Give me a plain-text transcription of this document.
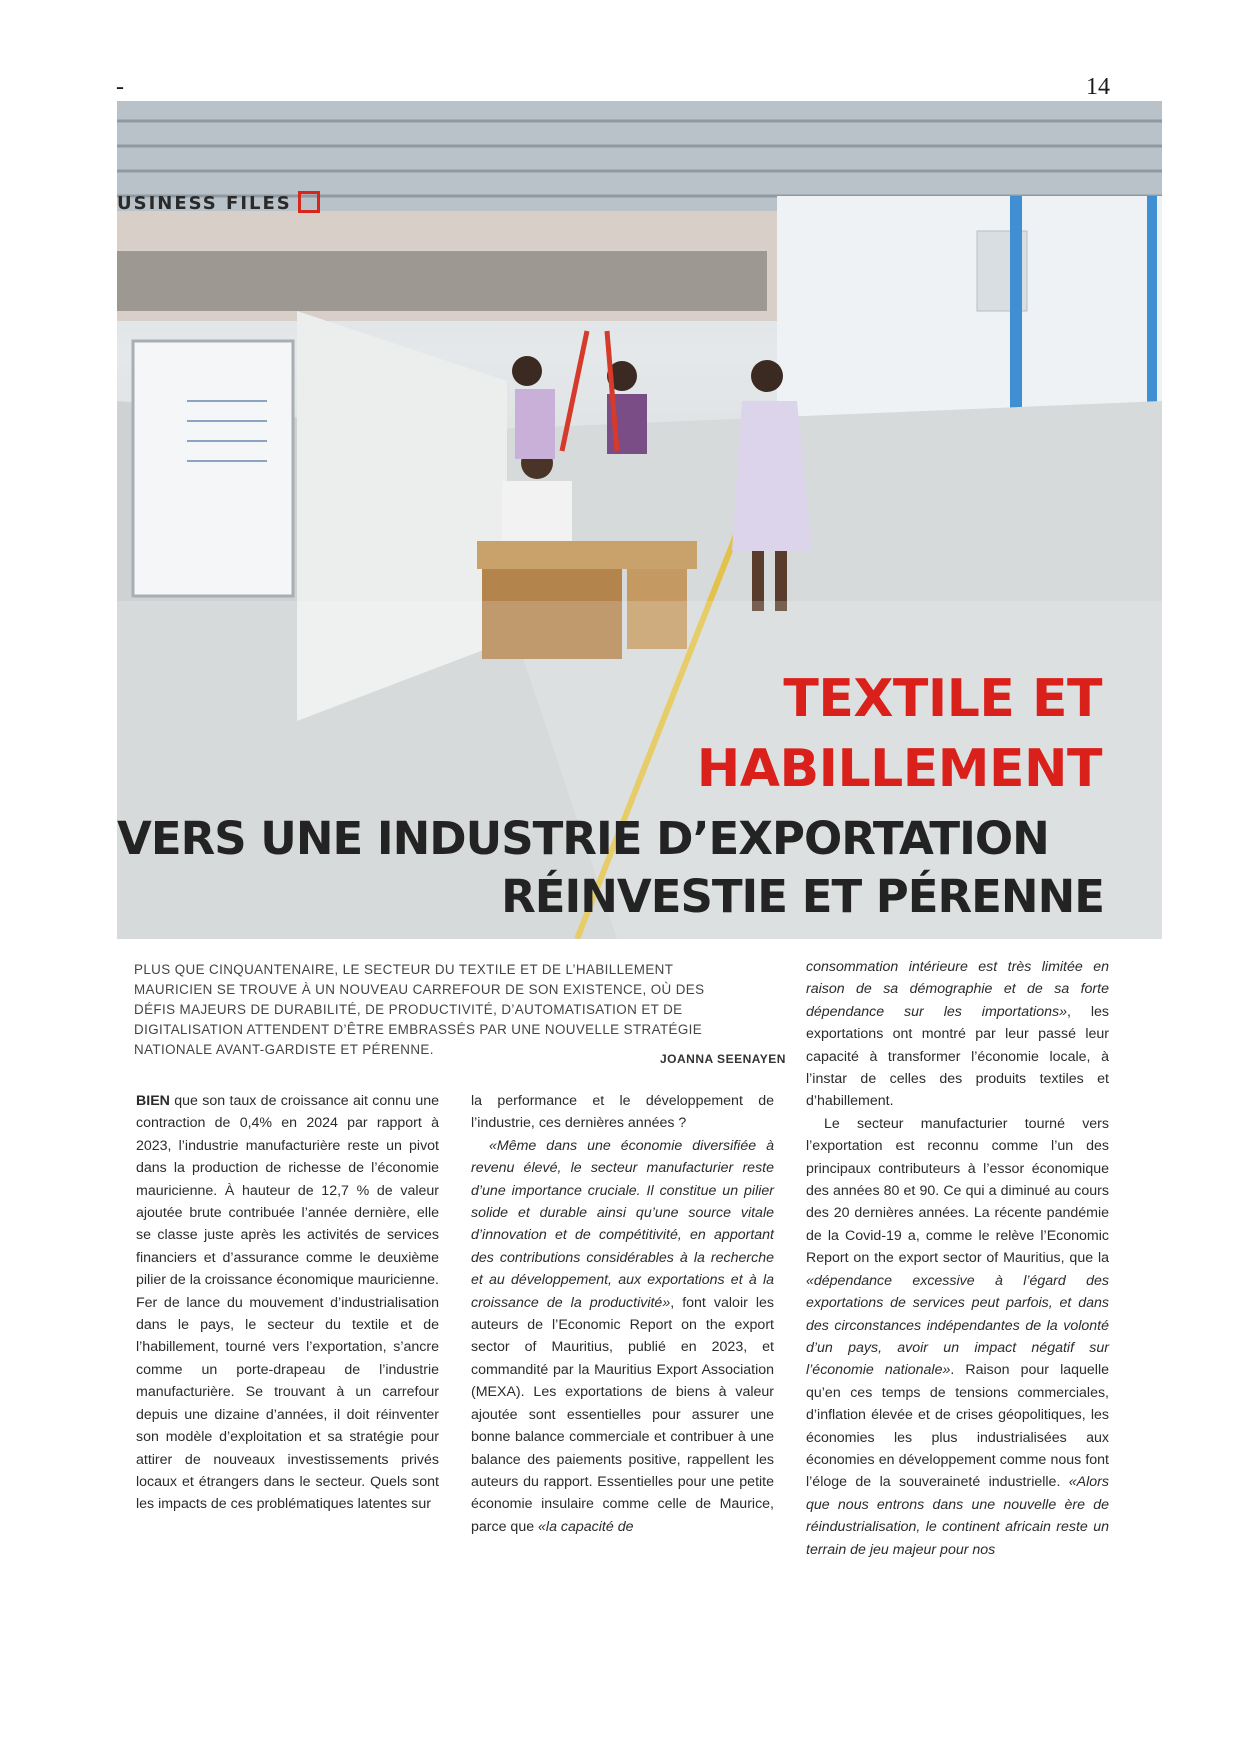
-	14
USINESS FILES
TEXTILE ET
HABILLEMENT
VERS UNE INDUSTRIE D’EXPORTATION
RÉINVESTIE ET PÉRENNE
PLUS QUE CINQUANTENAIRE, LE SECTEUR DU TEXTILE ET DE L’HABILLEMENT MAURICIEN SE TROUVE À UN NOUVEAU CARREFOUR DE SON EXISTENCE, OÙ DES DÉFIS MAJEURS DE DURABILITÉ, DE PRODUCTIVITÉ, D’AUTOMATISATION ET DE DIGITALISATION ATTENDENT D’ÊTRE EMBRASSÉS PAR UNE NOUVELLE STRATÉGIE NATIONALE AVANT-GARDISTE ET PÉRENNE.
JOANNA SEENAYEN

BIEN que son taux de croissance ait connu une contraction de 0,4% en 2024 par rapport à 2023, l’industrie manufacturière reste un pivot dans la production de richesse de l’économie mauricienne. À hauteur de 12,7 % de valeur ajoutée brute contribuée l’année dernière, elle se classe juste après les activités de services financiers et d’assurance comme le deuxième pilier de la croissance économique mauricienne. Fer de lance du mouvement d’industrialisation dans le pays, le secteur du textile et de l’habillement, tourné vers l’exportation, s’ancre comme un porte-drapeau de l’industrie manufacturière. Se trouvant à un carrefour depuis une dizaine d’années, il doit réinventer son modèle d’exploitation et sa stratégie pour attirer de nouveaux investissements privés locaux et étrangers dans le secteur. Quels sont les impacts de ces problématiques latentes sur

la performance et le développement de l’industrie, ces dernières années ?

«Même dans une économie diversifiée à revenu élevé, le secteur manufacturier reste d’une importance cruciale. Il constitue un pilier solide et durable ainsi qu’une source vitale d’innovation et de compétitivité, en apportant des contributions considérables à la recherche et au développement, aux exportations et à la croissance de la productivité», font valoir les auteurs de l’Economic Report on the export sector of Mauritius, publié en 2023, et commandité par la Mauritius Export Association (MEXA). Les exportations de biens à valeur ajoutée sont essentielles pour assurer une bonne balance commerciale et contribuer à une balance des paiements positive, rappellent les auteurs du rapport. Essentielles pour une petite économie insulaire comme celle de Maurice, parce que «la capacité de

consommation intérieure est très limitée en raison de sa démographie et de sa forte dépendance sur les importations», les exportations ont montré par leur passé leur capacité à transformer l’économie locale, à l’instar de celles des produits textiles et d’habillement.

Le secteur manufacturier tourné vers l’exportation est reconnu comme l’un des principaux contributeurs à l’essor économique des années 80 et 90. Ce qui a diminué au cours des 20 dernières années. La récente pandémie de la Covid-19 a, comme le relève l’Economic Report on the export sector of Mauritius, que la «dépendance excessive à l’égard des exportations de services peut parfois, et dans des circonstances indépendantes de la volonté d’un pays, avoir un impact négatif sur l’économie nationale». Raison pour laquelle qu’en ces temps de tensions commerciales, d’inflation élevée et de crises géopolitiques, les économies les plus industrialisées aux économies en développement comme nous font l’éloge de la souveraineté industrielle. «Alors que nous entrons dans une nouvelle ère de réindustrialisation, le continent africain reste un terrain de jeu majeur pour nos
